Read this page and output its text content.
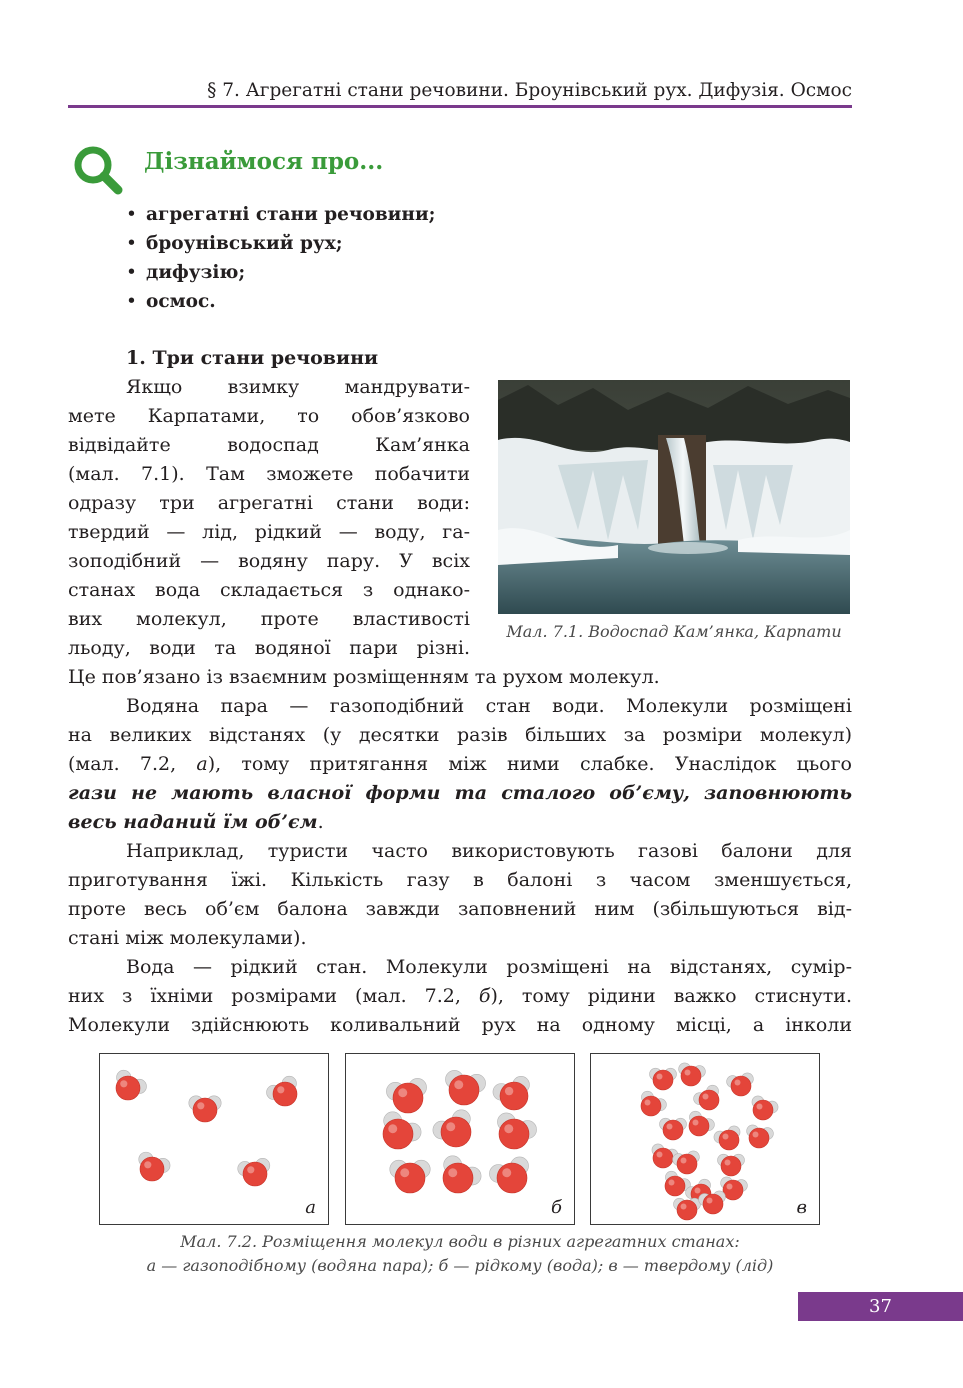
§ 7. Агрегатні стани речовини. Броунівський рух. Дифузія. Осмос
Дізнаймося про...
• агрегатні стани речовини;
• броунівський рух;
• дифузію;
• осмос.
1. Три стани речовини
Якщо взимку мандрувати-
мете Карпатами, то обов’язково
відвідайте водоспад Кам’янка
(мал. 7.1). Там зможете побачити
одразу три агрегатні стани води:
твердий — лід, рідкий — воду, га-
зоподібний — водяну пару. У всіх
станах вода складається з однако-
вих молекул, проте властивості
льоду, води та водяної пари різні.
Мал. 7.1. Водоспад Кам’янка, Карпати
Це пов’язано із взаємним розміщенням та рухом молекул.
Водяна пара — газоподібний стан води. Молекули розміщені
на великих відстанях (у десятки разів більших за розміри молекул)
(мал. 7.2, а), тому притягання між ними слабке. Унаслідок цього
гази не мають власної форми та сталого об’єму, заповнюють
весь наданий їм об’єм.
Наприклад, туристи часто використовують газові балони для
приготування їжі. Кількість газу в балоні з часом зменшується,
проте весь об’єм балона завжди заповнений ним (збільшуються від-
стані між молекулами).
Вода — рідкий стан. Молекули розміщені на відстанях, сумір-
них з їхніми розмірами (мал. 7.2, б), тому рідини важко стиснути.
Молекули здійснюють коливальний рух на одному місці, а інколи
а	б	в
Мал. 7.2. Розміщення молекул води в різних агрегатних станах:
а — газоподібному (водяна пара); б — рідкому (вода); в — твердому (лід)
37
